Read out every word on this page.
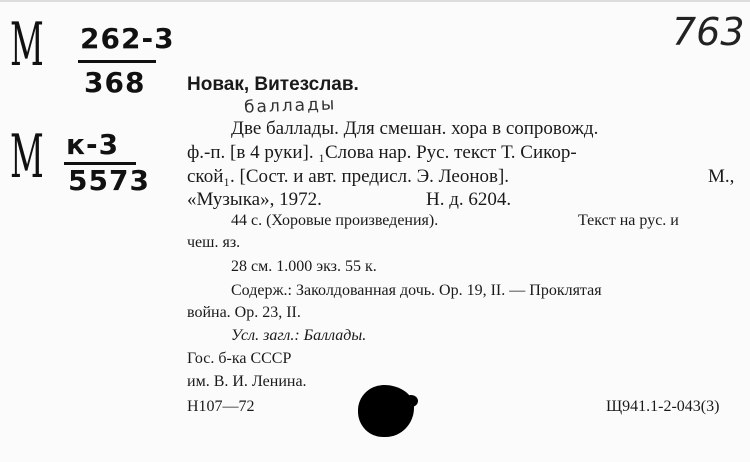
М 262-3
368
М к-3
5573
763
Новак, Витезслав.
баллады
Две баллады. Для смешан. хора в сопровожд.
ф.-п. [в 4 руки]. ₁Слова нар. Рус. текст Т. Сикор-
ской₁. [Сост. и авт. предисл. Э. Леонов].	М.,
«Музыка», 1972.	Н. д. 6204.
44 с. (Хоровые произведения).	Текст на рус. и
чеш. яз.
28 см. 1.000 экз. 55 к.
Содерж.: Заколдованная дочь. Ор. 19, II. — Проклятая
война. Ор. 23, II.
Усл. загл.: Баллады.
Гос. б-ка СССР
им. В. И. Ленина.
Н107—72	Щ941.1-2-043(3)
